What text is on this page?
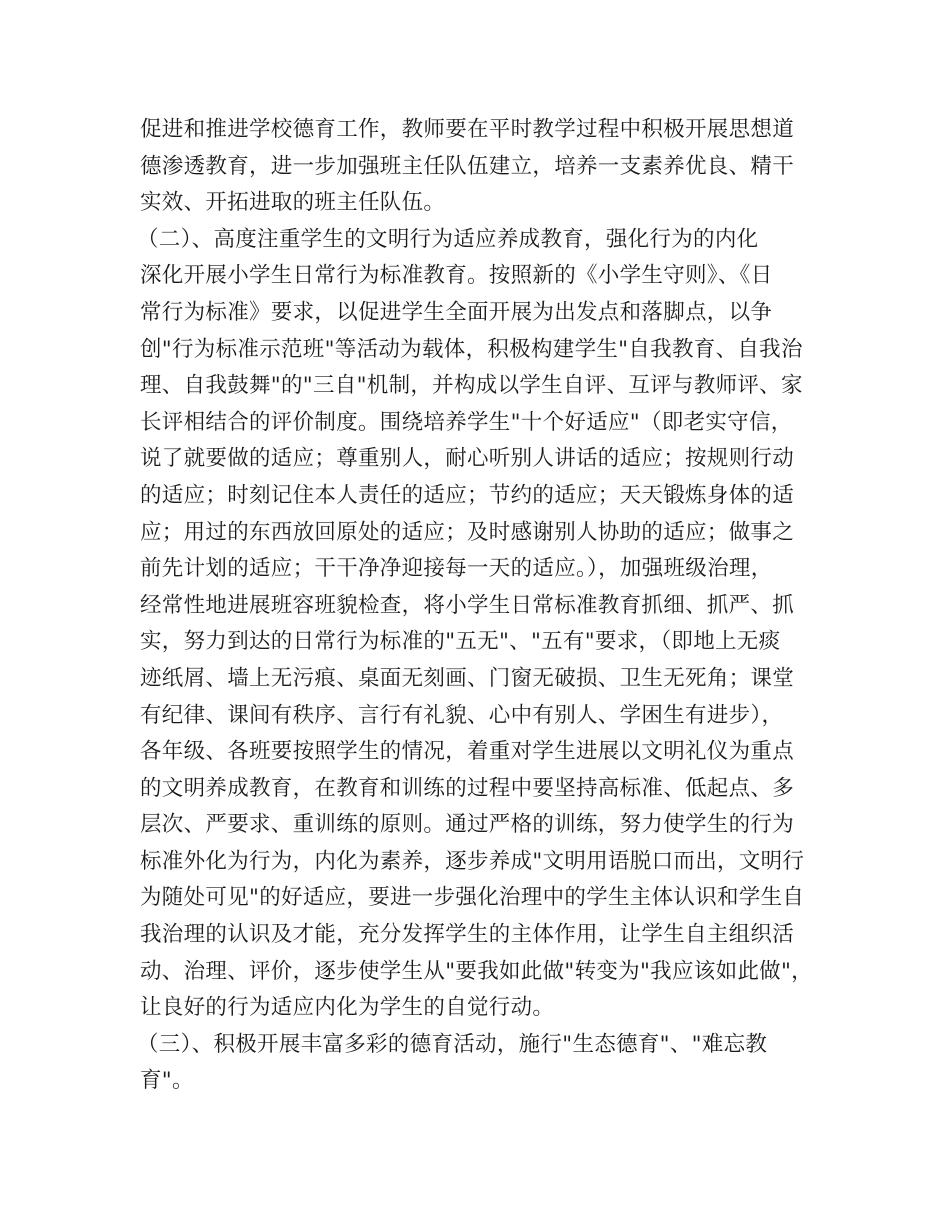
促进和推进学校德育工作，教师要在平时教学过程中积极开展思想道
德渗透教育，进一步加强班主任队伍建立，培养一支素养优良、精干
实效、开拓进取的班主任队伍。
（二）、高度注重学生的文明行为适应养成教育，强化行为的内化
深化开展小学生日常行为标准教育。按照新的《小学生守则》、《日
常行为标准》要求，以促进学生全面开展为出发点和落脚点，以争
创"行为标准示范班"等活动为载体，积极构建学生"自我教育、自我治
理、自我鼓舞"的"三自"机制，并构成以学生自评、互评与教师评、家
长评相结合的评价制度。围绕培养学生"十个好适应"（即老实守信，
说了就要做的适应；尊重别人，耐心听别人讲话的适应；按规则行动
的适应；时刻记住本人责任的适应；节约的适应；天天锻炼身体的适
应；用过的东西放回原处的适应；及时感谢别人协助的适应；做事之
前先计划的适应；干干净净迎接每一天的适应。），加强班级治理，
经常性地进展班容班貌检查，将小学生日常标准教育抓细、抓严、抓
实，努力到达的日常行为标准的"五无"、"五有"要求，（即地上无痰
迹纸屑、墙上无污痕、桌面无刻画、门窗无破损、卫生无死角；课堂
有纪律、课间有秩序、言行有礼貌、心中有别人、学困生有进步），
各年级、各班要按照学生的情况，着重对学生进展以文明礼仪为重点
的文明养成教育，在教育和训练的过程中要坚持高标准、低起点、多
层次、严要求、重训练的原则。通过严格的训练，努力使学生的行为
标准外化为行为，内化为素养，逐步养成"文明用语脱口而出，文明行
为随处可见"的好适应，要进一步强化治理中的学生主体认识和学生自
我治理的认识及才能，充分发挥学生的主体作用，让学生自主组织活
动、治理、评价，逐步使学生从"要我如此做"转变为"我应该如此做"，
让良好的行为适应内化为学生的自觉行动。
（三）、积极开展丰富多彩的德育活动，施行"生态德育"、"难忘教
育"。
